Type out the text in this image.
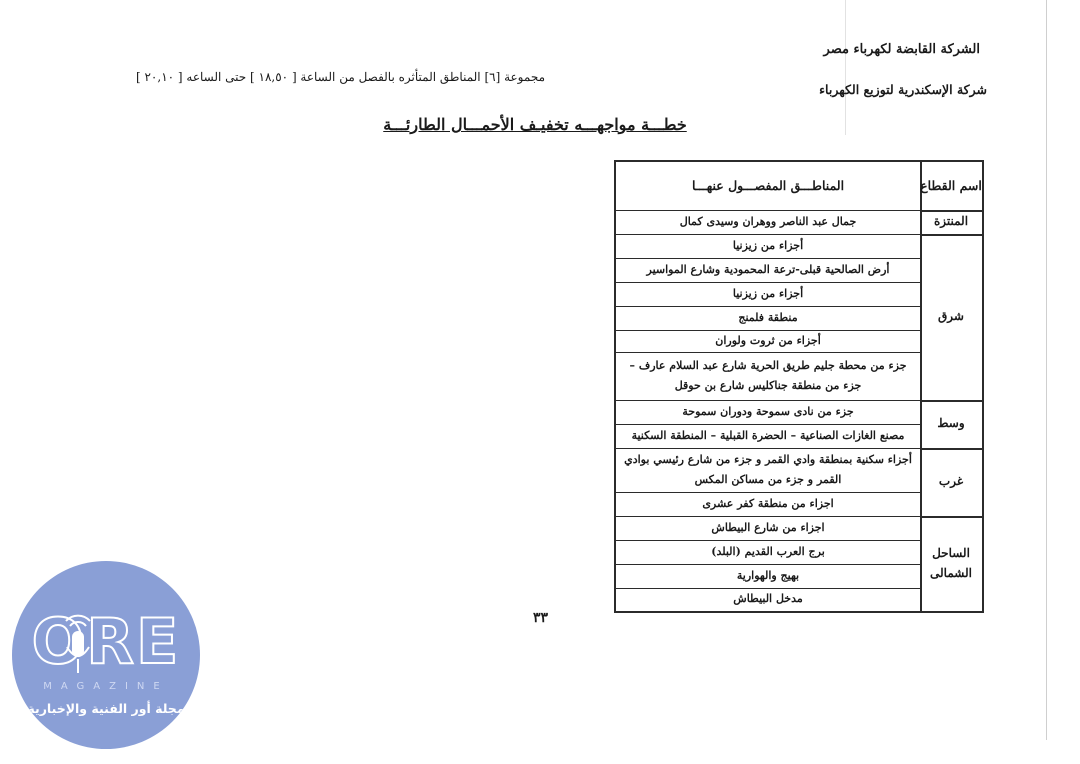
الشركة القابضة لكهرباء مصر
شركة الإسكندرية لتوزيع الكهرباء
مجموعة [٦] المناطق المتأثره بالفصل من الساعة [ ١٨,٥٠ ] حتى الساعه [ ٢٠,١٠ ]
خطـــة مواجهـــه تخفيـف الأحمـــال الطارئـــة
اسم القطاع
المنتزة
شرق
وسط
غرب
الساحل الشمالى
المناطـــق المفصـــول عنهـــا
جمال عبد الناصر ووهران وسيدى كمال
أجزاء من زيزنيا
أرض الصالحية قبلى-ترعة المحمودية وشارع المواسير
أجزاء من زيزنيا
منطقة فلمنج
أجزاء من ثروت ولوران
جزء من محطة جليم طريق الحرية شارع عبد السلام عارف – جزء من منطقة جناكليس شارع بن حوقل
جزء من نادى سموحة ودوران سموحة
مصنع الغازات الصناعية – الحضرة القبلية – المنطقة السكنية
أجزاء سكنية بمنطقة وادي القمر و جزء من شارع رئيسي بوادي القمر و جزء من مساكن المكس
اجزاء من منطقة كفر عشرى
اجزاء من شارع البيطاش
برج العرب القديم (البلد)
بهيج والهوارية
مدخل البيطاش
٣٣
ORE
MAGAZINE
مجلة أور الفنية والإخبارية
